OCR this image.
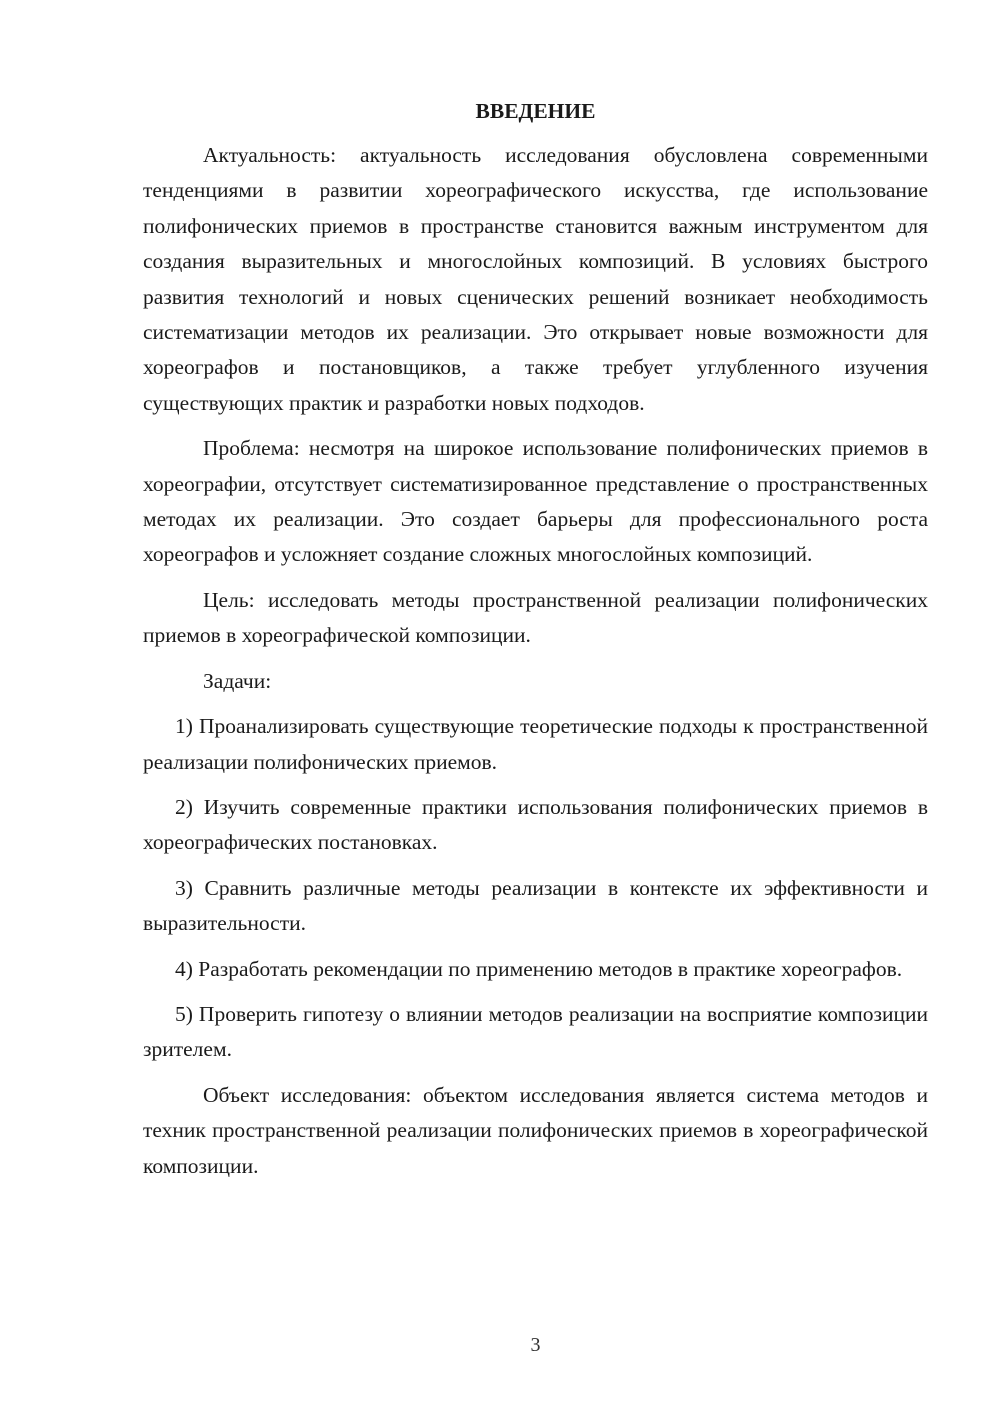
ВВЕДЕНИЕ

Актуальность: актуальность исследования обусловлена современными тенденциями в развитии хореографического искусства, где использование полифонических приемов в пространстве становится важным инструментом для создания выразительных и многослойных композиций. В условиях быстрого развития технологий и новых сценических решений возникает необходимость систематизации методов их реализации. Это открывает новые возможности для хореографов и постановщиков, а также требует углубленного изучения существующих практик и разработки новых подходов.

Проблема: несмотря на широкое использование полифонических приемов в хореографии, отсутствует систематизированное представление о пространственных методах их реализации. Это создает барьеры для профессионального роста хореографов и усложняет создание сложных многослойных композиций.

Цель: исследовать методы пространственной реализации полифонических приемов в хореографической композиции.

Задачи:

1) Проанализировать существующие теоретические подходы к пространственной реализации полифонических приемов.

2) Изучить современные практики использования полифонических приемов в хореографических постановках.

3) Сравнить различные методы реализации в контексте их эффективности и выразительности.

4) Разработать рекомендации по применению методов в практике хореографов.

5) Проверить гипотезу о влиянии методов реализации на восприятие композиции зрителем.

Объект исследования: объектом исследования является система методов и техник пространственной реализации полифонических приемов в хореографической композиции.

3
